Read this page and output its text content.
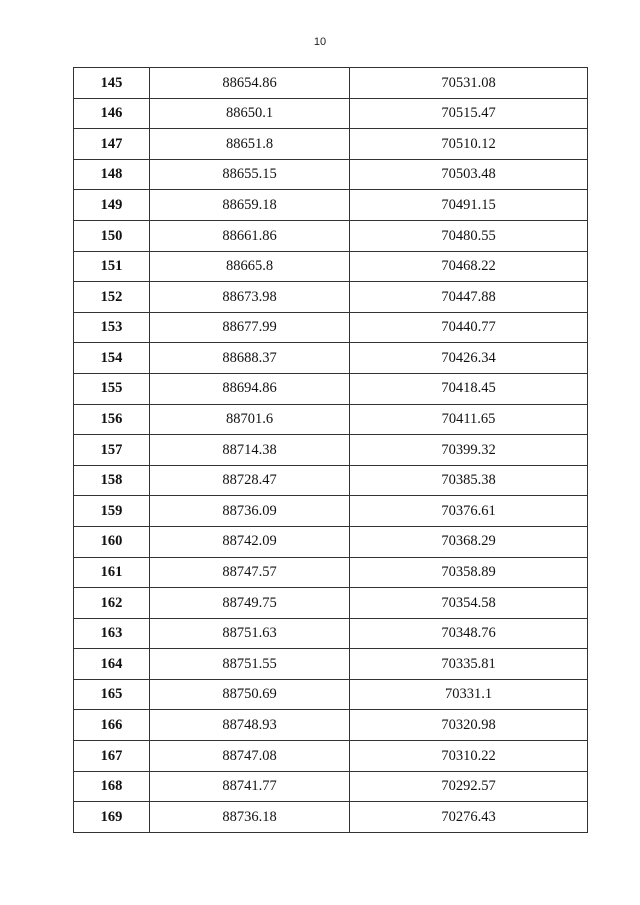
10
145	88654.86	70531.08
146	88650.1	70515.47
147	88651.8	70510.12
148	88655.15	70503.48
149	88659.18	70491.15
150	88661.86	70480.55
151	88665.8	70468.22
152	88673.98	70447.88
153	88677.99	70440.77
154	88688.37	70426.34
155	88694.86	70418.45
156	88701.6	70411.65
157	88714.38	70399.32
158	88728.47	70385.38
159	88736.09	70376.61
160	88742.09	70368.29
161	88747.57	70358.89
162	88749.75	70354.58
163	88751.63	70348.76
164	88751.55	70335.81
165	88750.69	70331.1
166	88748.93	70320.98
167	88747.08	70310.22
168	88741.77	70292.57
169	88736.18	70276.43
